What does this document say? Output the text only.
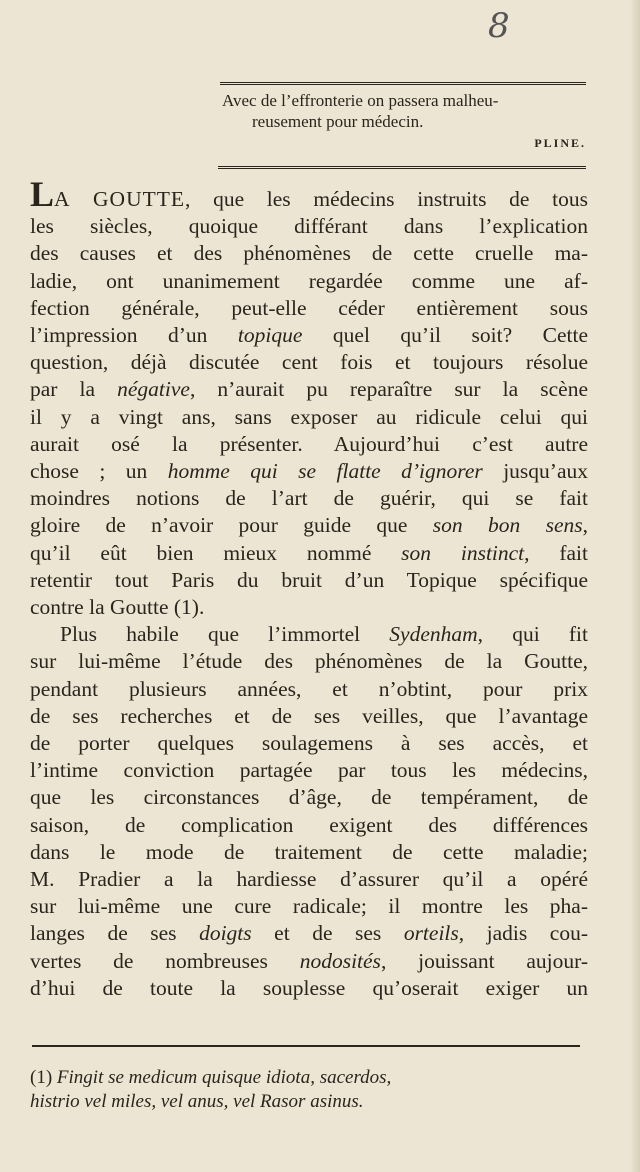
8
Avec de l’effronterie on passera malheu-
reusement pour médecin.
PLINE.
LA GOUTTE, que les médecins instruits de tous
les siècles, quoique différant dans l’explication
des causes et des phénomènes de cette cruelle ma-
ladie, ont unanimement regardée comme une af-
fection générale, peut-elle céder entièrement sous
l’impression d’un topique quel qu’il soit? Cette
question, déjà discutée cent fois et toujours résolue
par la négative, n’aurait pu reparaître sur la scène
il y a vingt ans, sans exposer au ridicule celui qui
aurait osé la présenter. Aujourd’hui c’est autre
chose ; un homme qui se flatte d’ignorer jusqu’aux
moindres notions de l’art de guérir, qui se fait
gloire de n’avoir pour guide que son bon sens,
qu’il eût bien mieux nommé son instinct, fait
retentir tout Paris du bruit d’un Topique spécifique
contre la Goutte (1).
Plus habile que l’immortel Sydenham, qui fit
sur lui-même l’étude des phénomènes de la Goutte,
pendant plusieurs années, et n’obtint, pour prix
de ses recherches et de ses veilles, que l’avantage
de porter quelques soulagemens à ses accès, et
l’intime conviction partagée par tous les médecins,
que les circonstances d’âge, de tempérament, de
saison, de complication exigent des différences
dans le mode de traitement de cette maladie;
M. Pradier a la hardiesse d’assurer qu’il a opéré
sur lui-même une cure radicale; il montre les pha-
langes de ses doigts et de ses orteils, jadis cou-
vertes de nombreuses nodosités, jouissant aujour-
d’hui de toute la souplesse qu’oserait exiger un
(1) Fingit se medicum quisque idiota, sacerdos,
histrio vel miles, vel anus, vel Rasor asinus.
